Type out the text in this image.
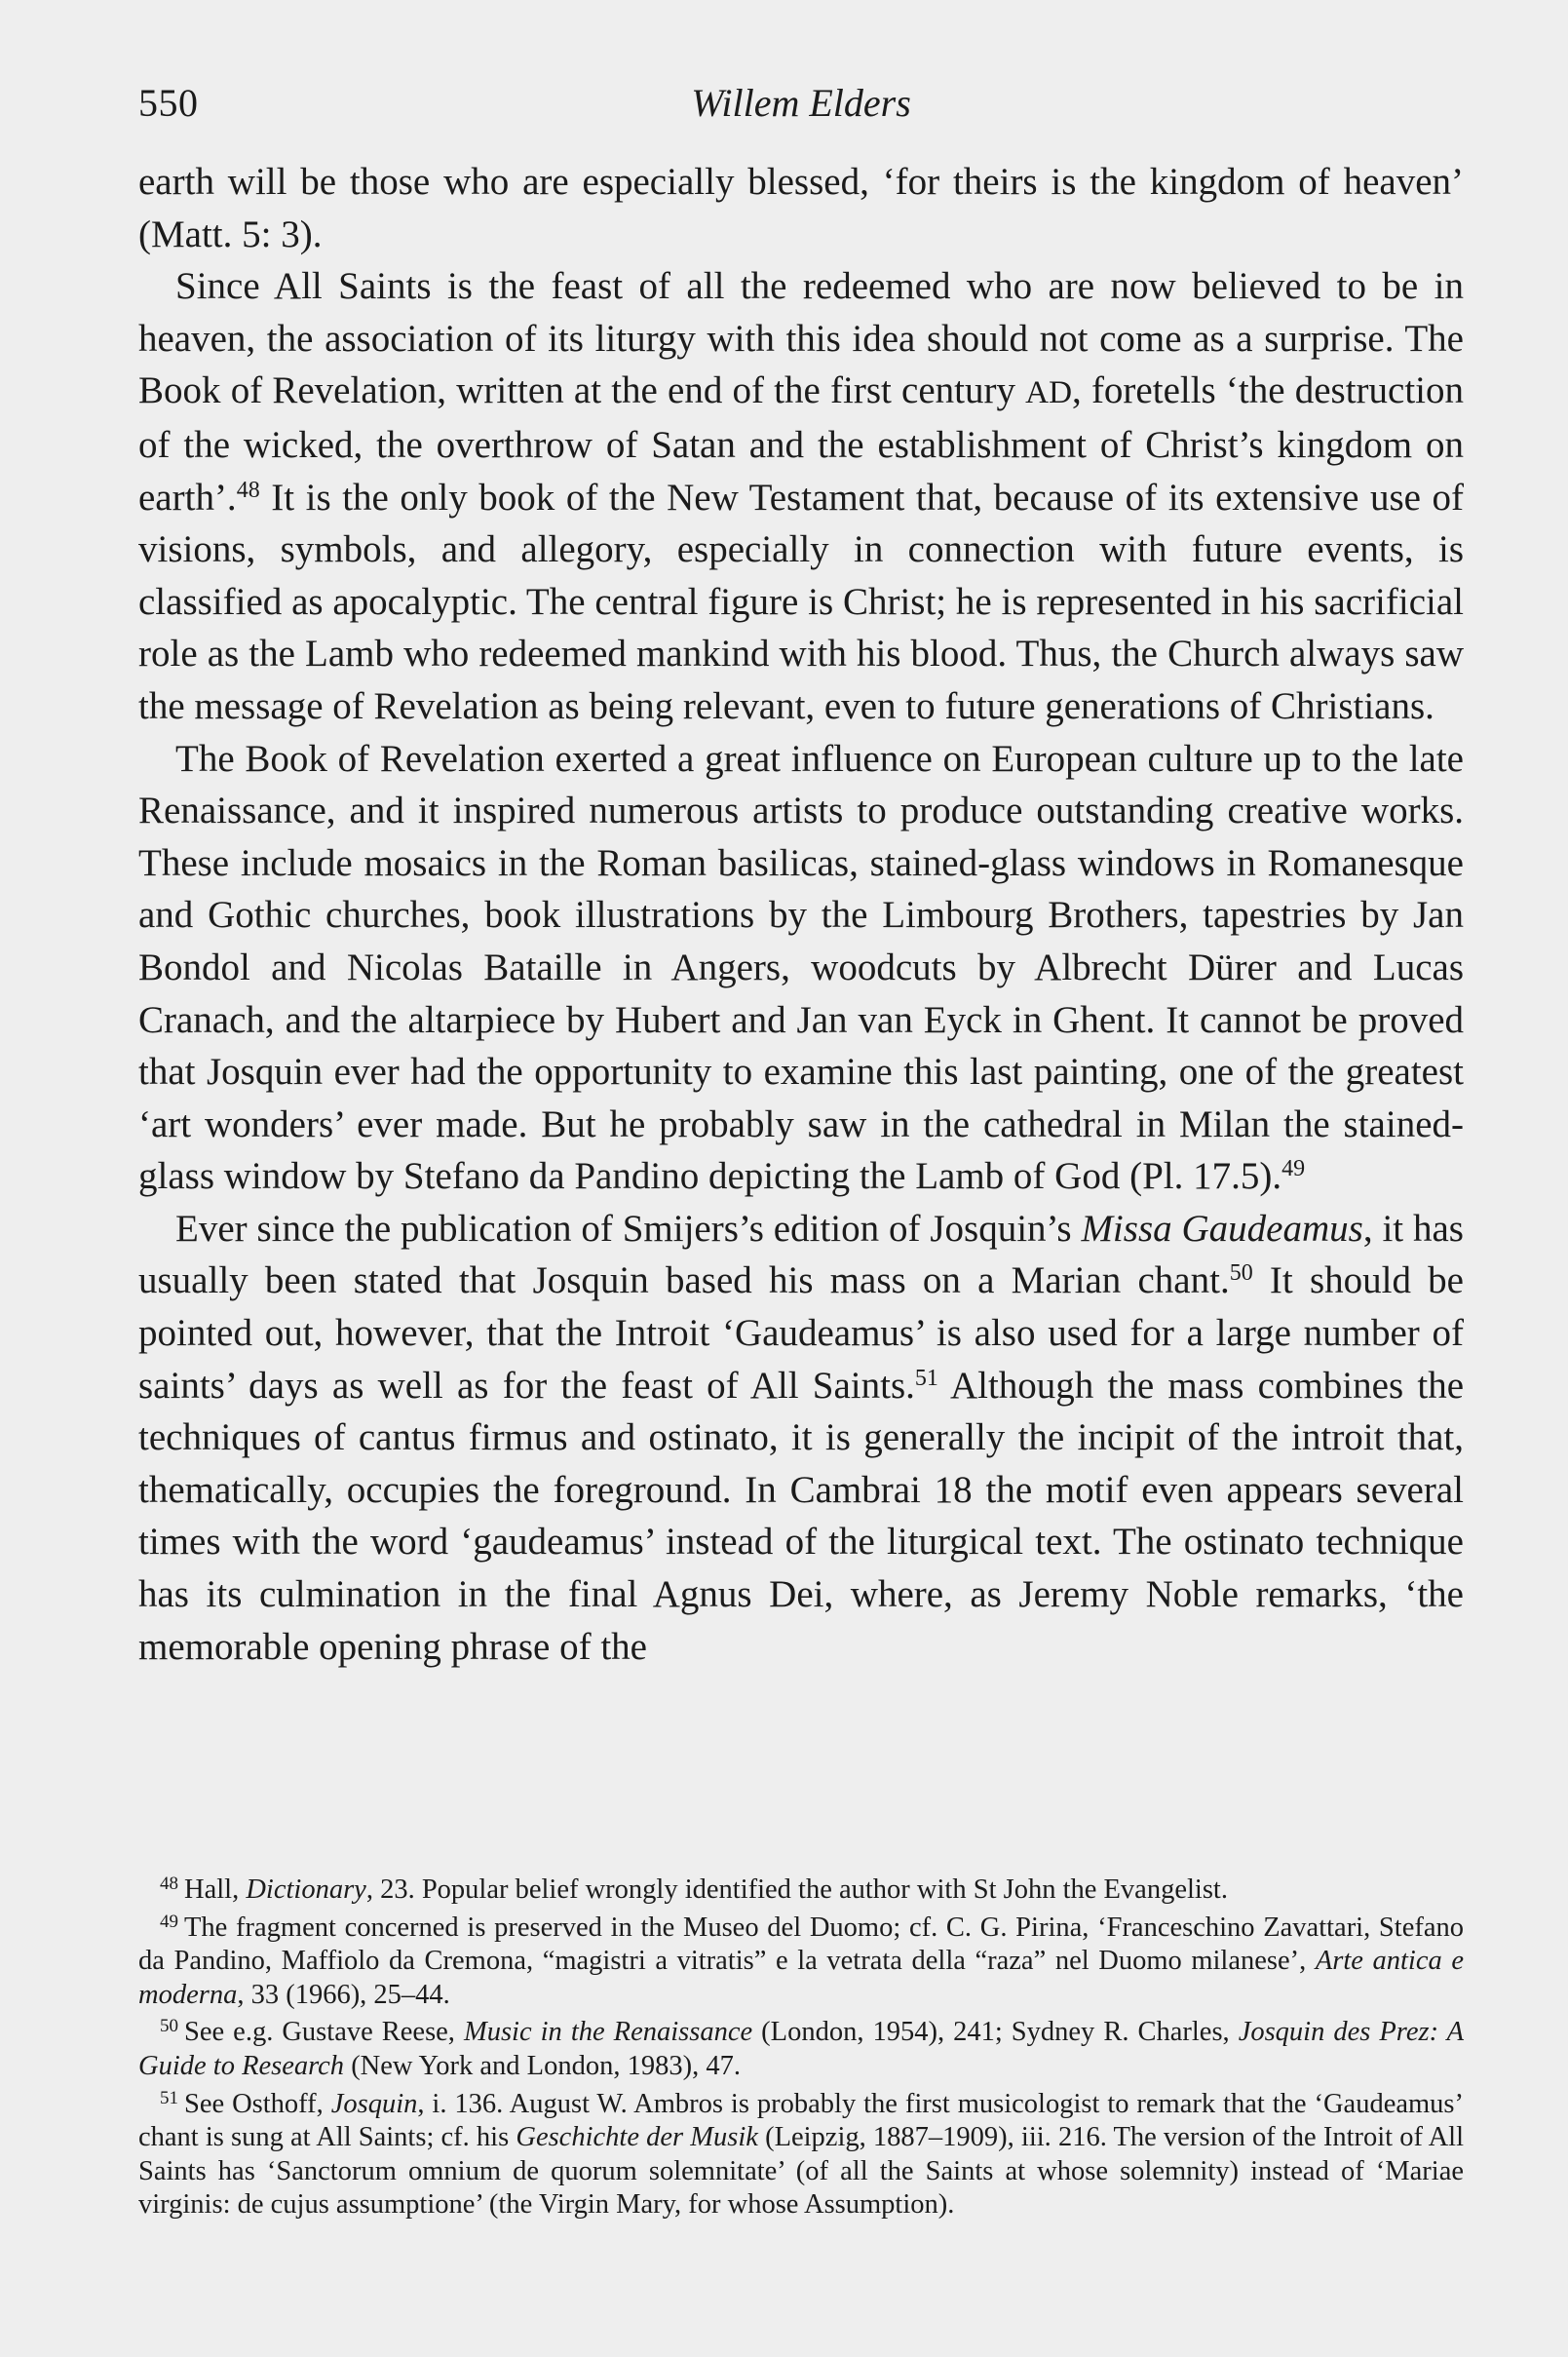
550	Willem Elders

earth will be those who are especially blessed, ‘for theirs is the kingdom of heaven’ (Matt. 5: 3).

Since All Saints is the feast of all the redeemed who are now believed to be in heaven, the association of its liturgy with this idea should not come as a surprise. The Book of Revelation, written at the end of the first century AD, foretells ‘the destruction of the wicked, the overthrow of Satan and the establishment of Christ’s kingdom on earth’.$^{48}$ It is the only book of the New Testament that, because of its extensive use of visions, symbols, and allegory, especially in connection with future events, is classified as apocalyptic. The central figure is Christ; he is represented in his sacrificial role as the Lamb who redeemed mankind with his blood. Thus, the Church always saw the message of Revelation as being relevant, even to future generations of Christians.

The Book of Revelation exerted a great influence on European culture up to the late Renaissance, and it inspired numerous artists to produce outstanding creative works. These include mosaics in the Roman basilicas, stained-glass windows in Romanesque and Gothic churches, book illustrations by the Limbourg Brothers, tapestries by Jan Bondol and Nicolas Bataille in Angers, woodcuts by Albrecht Dürer and Lucas Cranach, and the altarpiece by Hubert and Jan van Eyck in Ghent. It cannot be proved that Josquin ever had the opportunity to examine this last painting, one of the greatest ‘art wonders’ ever made. But he probably saw in the cathedral in Milan the stained-glass window by Stefano da Pandino depicting the Lamb of God (Pl. 17.5).$^{49}$

Ever since the publication of Smijers’s edition of Josquin’s Missa Gaudeamus, it has usually been stated that Josquin based his mass on a Marian chant.$^{50}$ It should be pointed out, however, that the Introit ‘Gaudeamus’ is also used for a large number of saints’ days as well as for the feast of All Saints.$^{51}$ Although the mass combines the techniques of cantus firmus and ostinato, it is generally the incipit of the introit that, thematically, occupies the foreground. In Cambrai 18 the motif even appears several times with the word ‘gaudeamus’ instead of the liturgical text. The ostinato technique has its culmination in the final Agnus Dei, where, as Jeremy Noble remarks, ‘the memorable opening phrase of the

$^{48}$ Hall, Dictionary, 23. Popular belief wrongly identified the author with St John the Evangelist.

$^{49}$ The fragment concerned is preserved in the Museo del Duomo; cf. C. G. Pirina, ‘Franceschino Zavattari, Stefano da Pandino, Maffiolo da Cremona, “magistri a vitratis” e la vetrata della “raza” nel Duomo milanese’, Arte antica e moderna, 33 (1966), 25–44.

$^{50}$ See e.g. Gustave Reese, Music in the Renaissance (London, 1954), 241; Sydney R. Charles, Josquin des Prez: A Guide to Research (New York and London, 1983), 47.

$^{51}$ See Osthoff, Josquin, i. 136. August W. Ambros is probably the first musicologist to remark that the ‘Gaudeamus’ chant is sung at All Saints; cf. his Geschichte der Musik (Leipzig, 1887–1909), iii. 216. The version of the Introit of All Saints has ‘Sanctorum omnium de quorum solemnitate’ (of all the Saints at whose solemnity) instead of ‘Mariae virginis: de cujus assumptione’ (the Virgin Mary, for whose Assumption).
